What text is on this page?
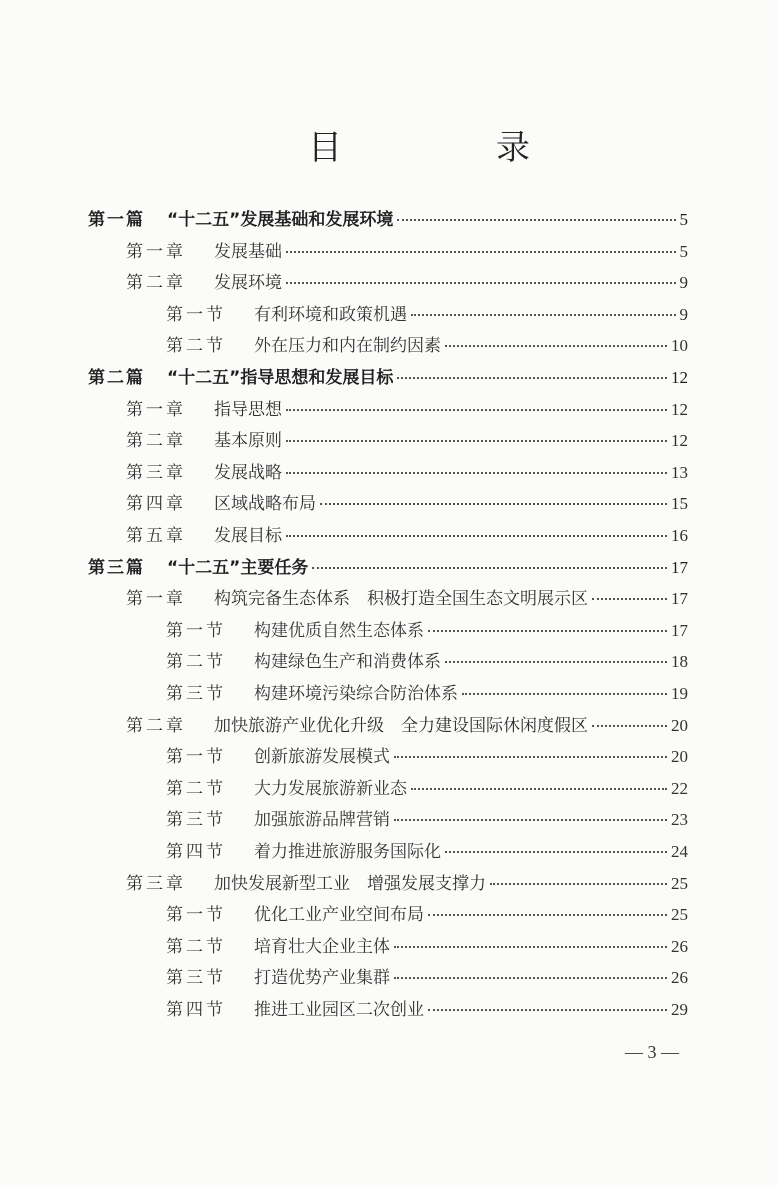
目　录
第一篇 “十二五”发展基础和发展环境	5
第一章 发展基础	5
第二章 发展环境	9
第一节 有利环境和政策机遇	9
第二节 外在压力和内在制约因素	10
第二篇 “十二五”指导思想和发展目标	12
第一章 指导思想	12
第二章 基本原则	12
第三章 发展战略	13
第四章 区域战略布局	15
第五章 发展目标	16
第三篇 “十二五”主要任务	17
第一章 构筑完备生态体系　积极打造全国生态文明展示区	17
第一节 构建优质自然生态体系	17
第二节 构建绿色生产和消费体系	18
第三节 构建环境污染综合防治体系	19
第二章 加快旅游产业优化升级　全力建设国际休闲度假区	20
第一节 创新旅游发展模式	20
第二节 大力发展旅游新业态	22
第三节 加强旅游品牌营销	23
第四节 着力推进旅游服务国际化	24
第三章 加快发展新型工业　增强发展支撑力	25
第一节 优化工业产业空间布局	25
第二节 培育壮大企业主体	26
第三节 打造优势产业集群	26
第四节 推进工业园区二次创业	29
— 3 —
